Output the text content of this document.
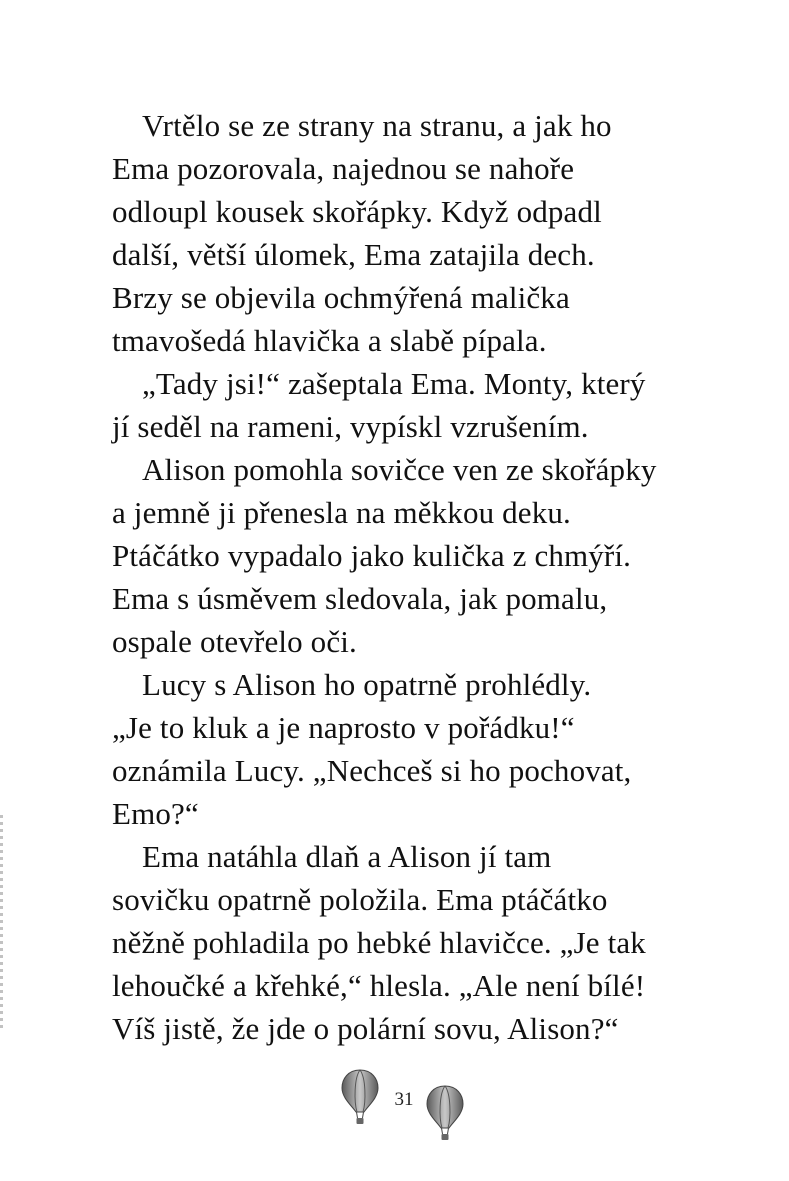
Vrtělo se ze strany na stranu, a jak ho
Ema pozorovala, najednou se nahoře
odloupl kousek skořápky. Když odpadl
další, větší úlomek, Ema zatajila dech.
Brzy se objevila ochmýřená malička
tmavošedá hlavička a slabě pípala.
„Tady jsi!“ zašeptala Ema. Monty, který
jí seděl na rameni, vypískl vzrušením.
Alison pomohla sovičce ven ze skořápky
a jemně ji přenesla na měkkou deku.
Ptáčátko vypadalo jako kulička z chmýří.
Ema s úsměvem sledovala, jak pomalu,
ospale otevřelo oči.
Lucy s Alison ho opatrně prohlédly.
„Je to kluk a je naprosto v pořádku!“
oznámila Lucy. „Nechceš si ho pochovat,
Emo?“
Ema natáhla dlaň a Alison jí tam
sovičku opatrně položila. Ema ptáčátko
něžně pohladila po hebké hlavičce. „Je tak
lehoučké a křehké,“ hlesla. „Ale není bílé!
Víš jistě, že jde o polární sovu, Alison?“
31
